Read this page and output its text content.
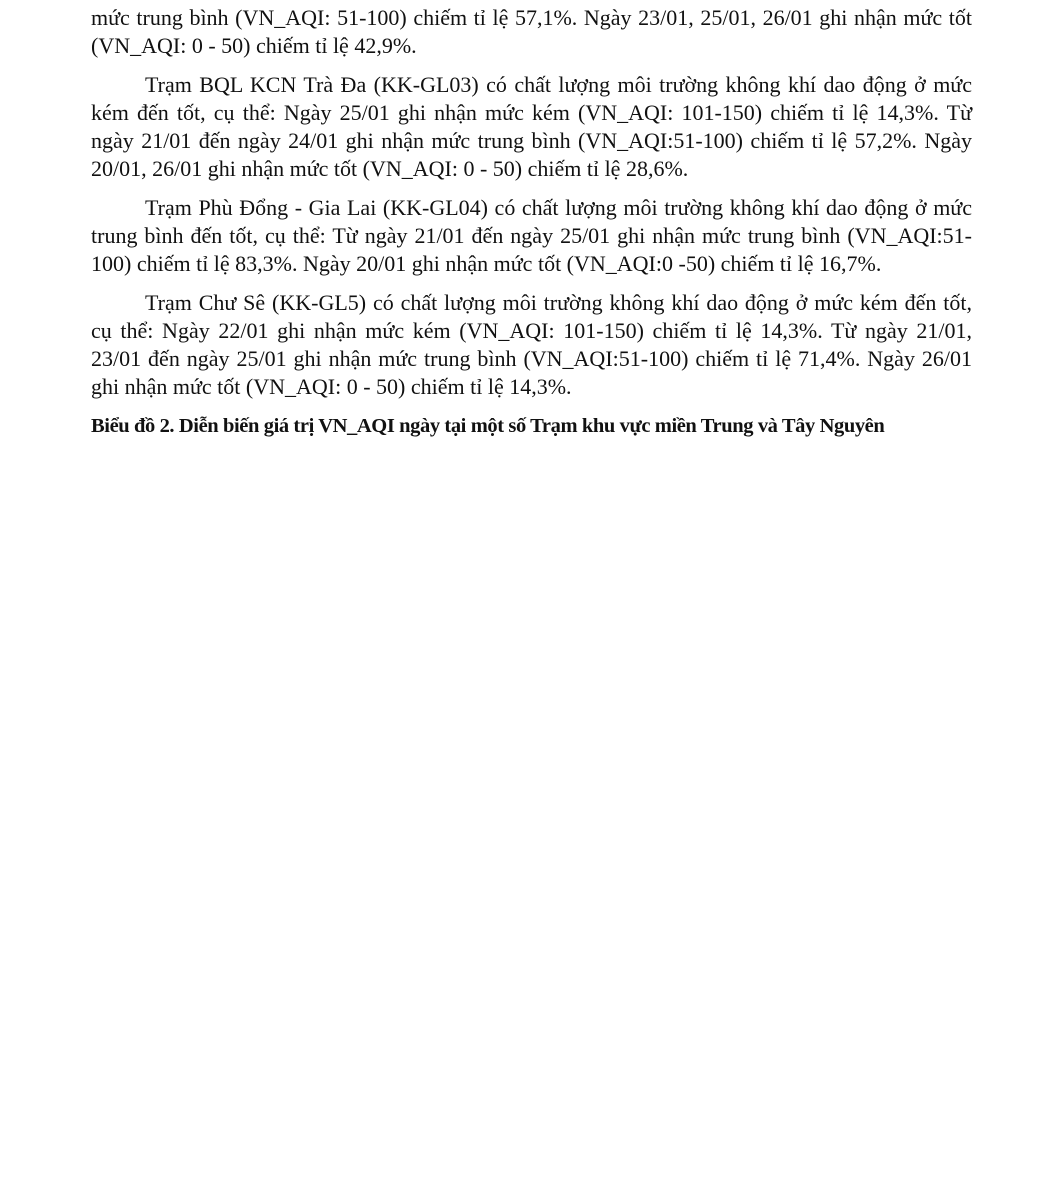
mức trung bình (VN_AQI: 51-100) chiếm tỉ lệ 57,1%. Ngày 23/01, 25/01, 26/01 ghi nhận mức tốt (VN_AQI: 0 - 50) chiếm tỉ lệ 42,9%.

Trạm BQL KCN Trà Đa (KK-GL03) có chất lượng môi trường không khí dao động ở mức kém đến tốt, cụ thể: Ngày 25/01 ghi nhận mức kém (VN_AQI: 101-150) chiếm tỉ lệ 14,3%. Từ ngày 21/01 đến ngày 24/01 ghi nhận mức trung bình (VN_AQI:51-100) chiếm tỉ lệ 57,2%. Ngày 20/01, 26/01 ghi nhận mức tốt (VN_AQI: 0 - 50) chiếm tỉ lệ 28,6%.

Trạm Phù Đổng - Gia Lai (KK-GL04) có chất lượng môi trường không khí dao động ở mức trung bình đến tốt, cụ thể: Từ ngày 21/01 đến ngày 25/01 ghi nhận mức trung bình (VN_AQI:51-100) chiếm tỉ lệ 83,3%. Ngày 20/01 ghi nhận mức tốt (VN_AQI:0 -50) chiếm tỉ lệ 16,7%.

Trạm Chư Sê (KK-GL5) có chất lượng môi trường không khí dao động ở mức kém đến tốt, cụ thể: Ngày 22/01 ghi nhận mức kém (VN_AQI: 101-150) chiếm tỉ lệ 14,3%. Từ ngày 21/01, 23/01 đến ngày 25/01 ghi nhận mức trung bình (VN_AQI:51-100) chiếm tỉ lệ 71,4%. Ngày 26/01 ghi nhận mức tốt (VN_AQI: 0 - 50) chiếm tỉ lệ 14,3%.

Biểu đồ 2. Diễn biến giá trị VN_AQI ngày tại một số Trạm khu vực miền Trung và Tây Nguyên
